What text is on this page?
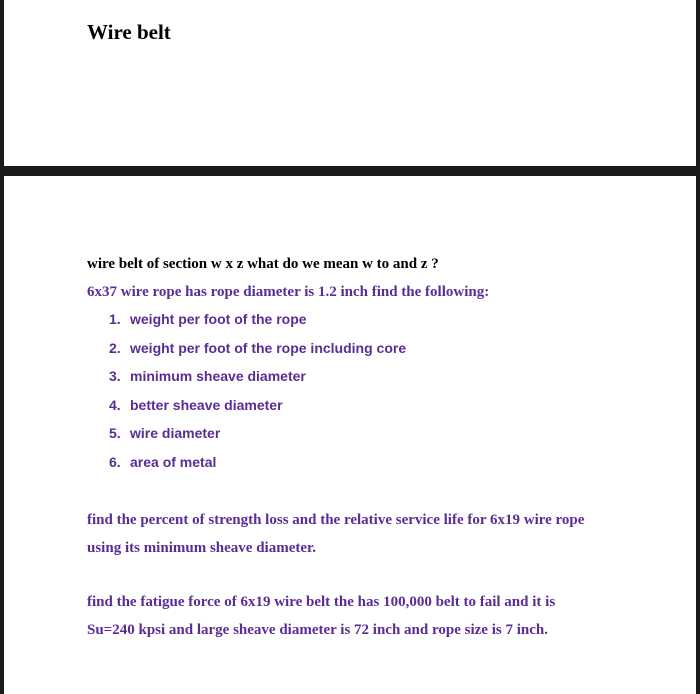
Wire belt
wire belt of section w x z what do we mean w to and z ?
6x37 wire rope has rope diameter is 1.2 inch find the following:
1. weight per foot of the rope
2. weight per foot of the rope including core
3. minimum sheave diameter
4. better sheave diameter
5. wire diameter
6. area of metal
find the percent of strength loss and the relative service life for 6x19 wire rope
using its minimum sheave diameter.
find the fatigue force of 6x19 wire belt the has 100,000 belt to fail and it is
Su=240 kpsi and large sheave diameter is 72 inch and rope size is 7 inch.
